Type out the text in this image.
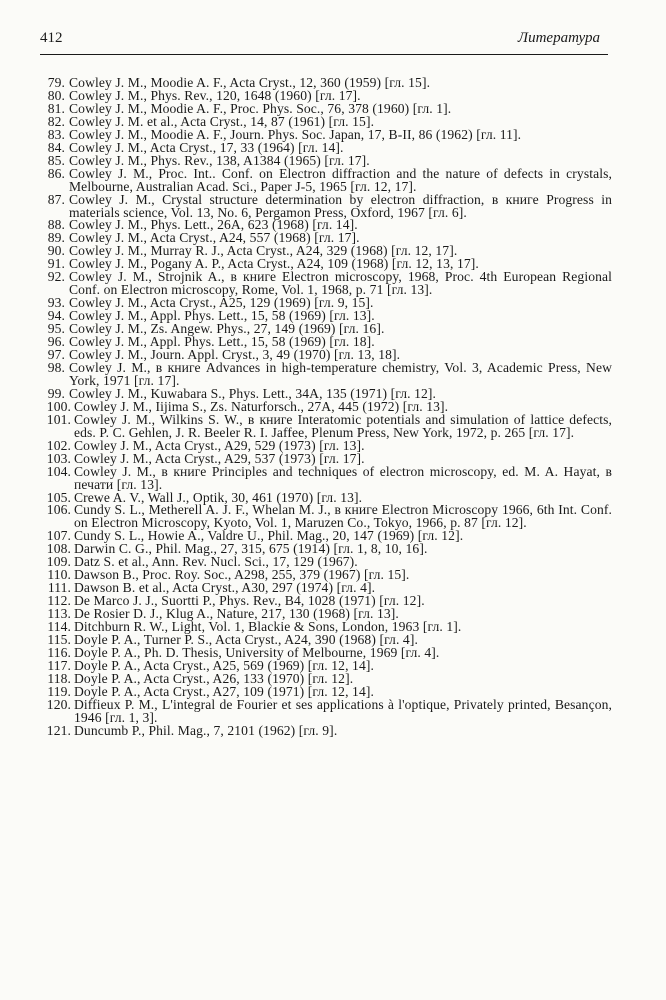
412	Литература
79. Cowley J. M., Moodie A. F., Acta Cryst., 12, 360 (1959) [гл. 15].
80. Cowley J. M., Phys. Rev., 120, 1648 (1960) [гл. 17].
81. Cowley J. M., Moodie A. F., Proc. Phys. Soc., 76, 378 (1960) [гл. 1].
82. Cowley J. M. et al., Acta Cryst., 14, 87 (1961) [гл. 15].
83. Cowley J. M., Moodie A. F., Journ. Phys. Soc. Japan, 17, B-II, 86 (1962) [гл. 11].
84. Cowley J. M., Acta Cryst., 17, 33 (1964) [гл. 14].
85. Cowley J. M., Phys. Rev., 138, A1384 (1965) [гл. 17].
86. Cowley J. M., Proc. Int.. Conf. on Electron diffraction and the nature of defects in crystals, Melbourne, Australian Acad. Sci., Paper J-5, 1965 [гл. 12, 17].
87. Cowley J. M., Crystal structure determination by electron diffraction, в книге Progress in materials science, Vol. 13, No. 6, Pergamon Press, Oxford, 1967 [гл. 6].
88. Cowley J. M., Phys. Lett., 26A, 623 (1968) [гл. 14].
89. Cowley J. M., Acta Cryst., A24, 557 (1968) [гл. 17].
90. Cowley J. M., Murray R. J., Acta Cryst., A24, 329 (1968) [гл. 12, 17].
91. Cowley J. M., Pogany A. P., Acta Cryst., A24, 109 (1968) [гл. 12, 13, 17].
92. Cowley J. M., Strojnik A., в книге Electron microscopy, 1968, Proc. 4th European Regional Conf. on Electron microscopy, Rome, Vol. 1, 1968, p. 71 [гл. 13].
93. Cowley J. M., Acta Cryst., A25, 129 (1969) [гл. 9, 15].
94. Cowley J. M., Appl. Phys. Lett., 15, 58 (1969) [гл. 13].
95. Cowley J. M., Zs. Angew. Phys., 27, 149 (1969) [гл. 16].
96. Cowley J. M., Appl. Phys. Lett., 15, 58 (1969) [гл. 18].
97. Cowley J. M., Journ. Appl. Cryst., 3, 49 (1970) [гл. 13, 18].
98. Cowley J. M., в книге Advances in high-temperature chemistry, Vol. 3, Academic Press, New York, 1971 [гл. 17].
99. Cowley J. M., Kuwabara S., Phys. Lett., 34A, 135 (1971) [гл. 12].
100. Cowley J. M., Iijima S., Zs. Naturforsch., 27A, 445 (1972) [гл. 13].
101. Cowley J. M., Wilkins S. W., в книге Interatomic potentials and simulation of lattice defects, eds. P. C. Gehlen, J. R. Beeler R. I. Jaffee, Plenum Press, New York, 1972, p. 265 [гл. 17].
102. Cowley J. M., Acta Cryst., A29, 529 (1973) [гл. 13].
103. Cowley J. M., Acta Cryst., A29, 537 (1973) [гл. 17].
104. Cowley J. M., в книге Principles and techniques of electron microscopy, ed. M. A. Hayat, в печати [гл. 13].
105. Crewe A. V., Wall J., Optik, 30, 461 (1970) [гл. 13].
106. Cundy S. L., Metherell A. J. F., Whelan M. J., в книге Electron Microscopy 1966, 6th Int. Conf. on Electron Microscopy, Kyoto, Vol. 1, Maruzen Co., Tokyo, 1966, p. 87 [гл. 12].
107. Cundy S. L., Howie A., Valdre U., Phil. Mag., 20, 147 (1969) [гл. 12].
108. Darwin C. G., Phil. Mag., 27, 315, 675 (1914) [гл. 1, 8, 10, 16].
109. Datz S. et al., Ann. Rev. Nucl. Sci., 17, 129 (1967).
110. Dawson B., Proc. Roy. Soc., A298, 255, 379 (1967) [гл. 15].
111. Dawson B. et al., Acta Cryst., A30, 297 (1974) [гл. 4].
112. De Marco J. J., Suortti P., Phys. Rev., B4, 1028 (1971) [гл. 12].
113. De Rosier D. J., Klug A., Nature, 217, 130 (1968) [гл. 13].
114. Ditchburn R. W., Light, Vol. 1, Blackie & Sons, London, 1963 [гл. 1].
115. Doyle P. A., Turner P. S., Acta Cryst., A24, 390 (1968) [гл. 4].
116. Doyle P. A., Ph. D. Thesis, University of Melbourne, 1969 [гл. 4].
117. Doyle P. A., Acta Cryst., A25, 569 (1969) [гл. 12, 14].
118. Doyle P. A., Acta Cryst., A26, 133 (1970) [гл. 12].
119. Doyle P. A., Acta Cryst., A27, 109 (1971) [гл. 12, 14].
120. Diffieux P. M., L'integral de Fourier et ses applications à l'optique, Privately printed, Besançon, 1946 [гл. 1, 3].
121. Duncumb P., Phil. Mag., 7, 2101 (1962) [гл. 9].
